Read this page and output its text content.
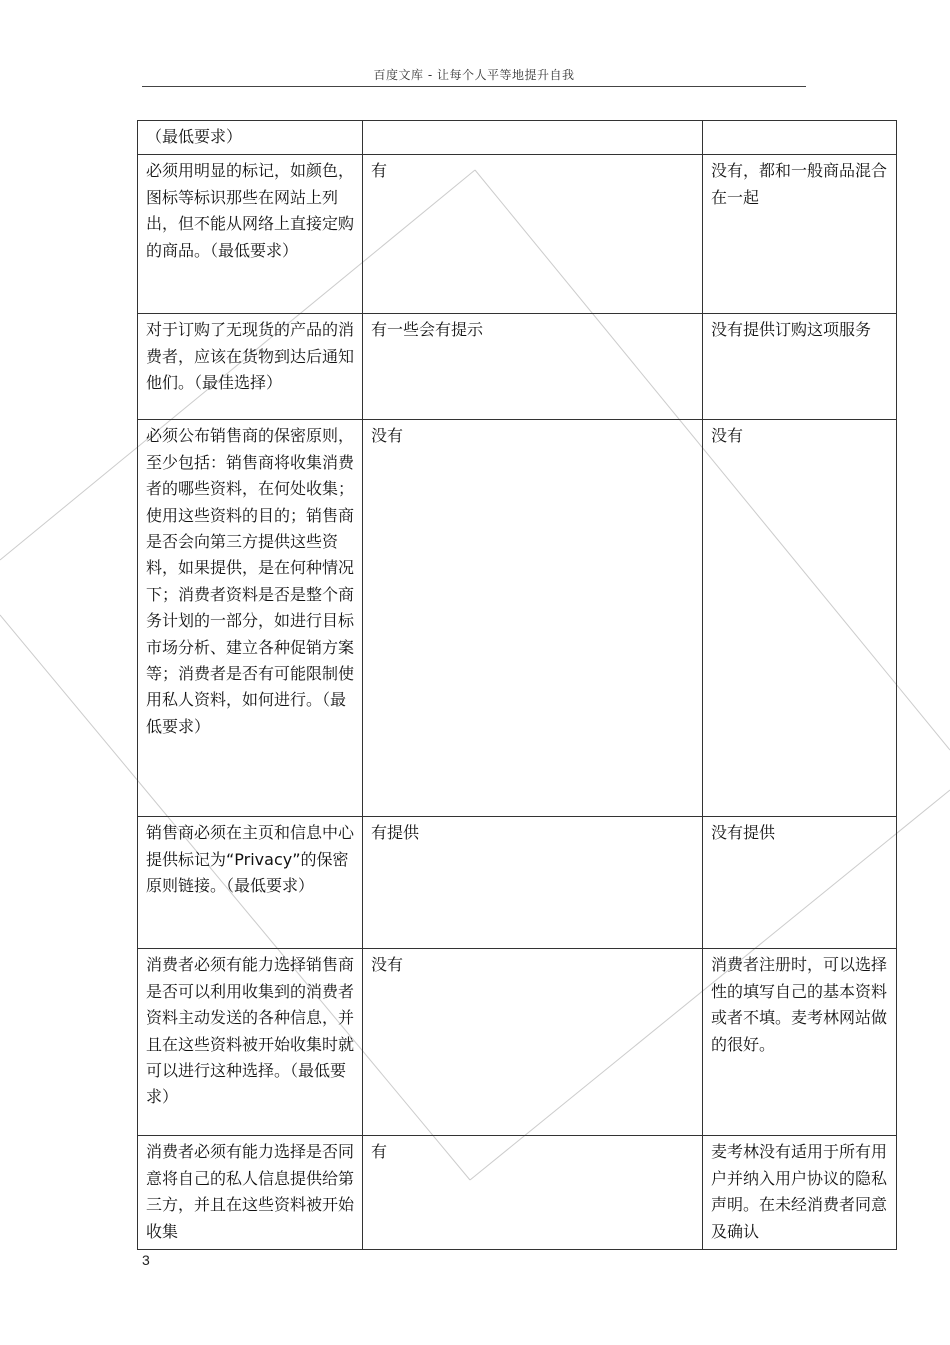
百度文库 - 让每个人平等地提升自我
（最低要求）		
必须用明显的标记，如颜色，图标等标识那些在网站上列出，但不能从网络上直接定购的商品。（最低要求）	有	没有，都和一般商品混合在一起
对于订购了无现货的产品的消费者，应该在货物到达后通知他们。（最佳选择）	有一些会有提示	没有提供订购这项服务
必须公布销售商的保密原则，至少包括：销售商将收集消费者的哪些资料，在何处收集；使用这些资料的目的；销售商是否会向第三方提供这些资料，如果提供，是在何种情况下；消费者资料是否是整个商务计划的一部分，如进行目标市场分析、建立各种促销方案等；消费者是否有可能限制使用私人资料，如何进行。（最低要求）	没有	没有
销售商必须在主页和信息中心提供标记为“Privacy”的保密原则链接。（最低要求）	有提供	没有提供
消费者必须有能力选择销售商是否可以利用收集到的消费者资料主动发送的各种信息，并且在这些资料被开始收集时就可以进行这种选择。（最低要求）	没有	消费者注册时，可以选择性的填写自己的基本资料或者不填。麦考林网站做的很好。
消费者必须有能力选择是否同意将自己的私人信息提供给第三方，并且在这些资料被开始收集	有	麦考林没有适用于所有用户并纳入用户协议的隐私声明。在未经消费者同意及确认
3
